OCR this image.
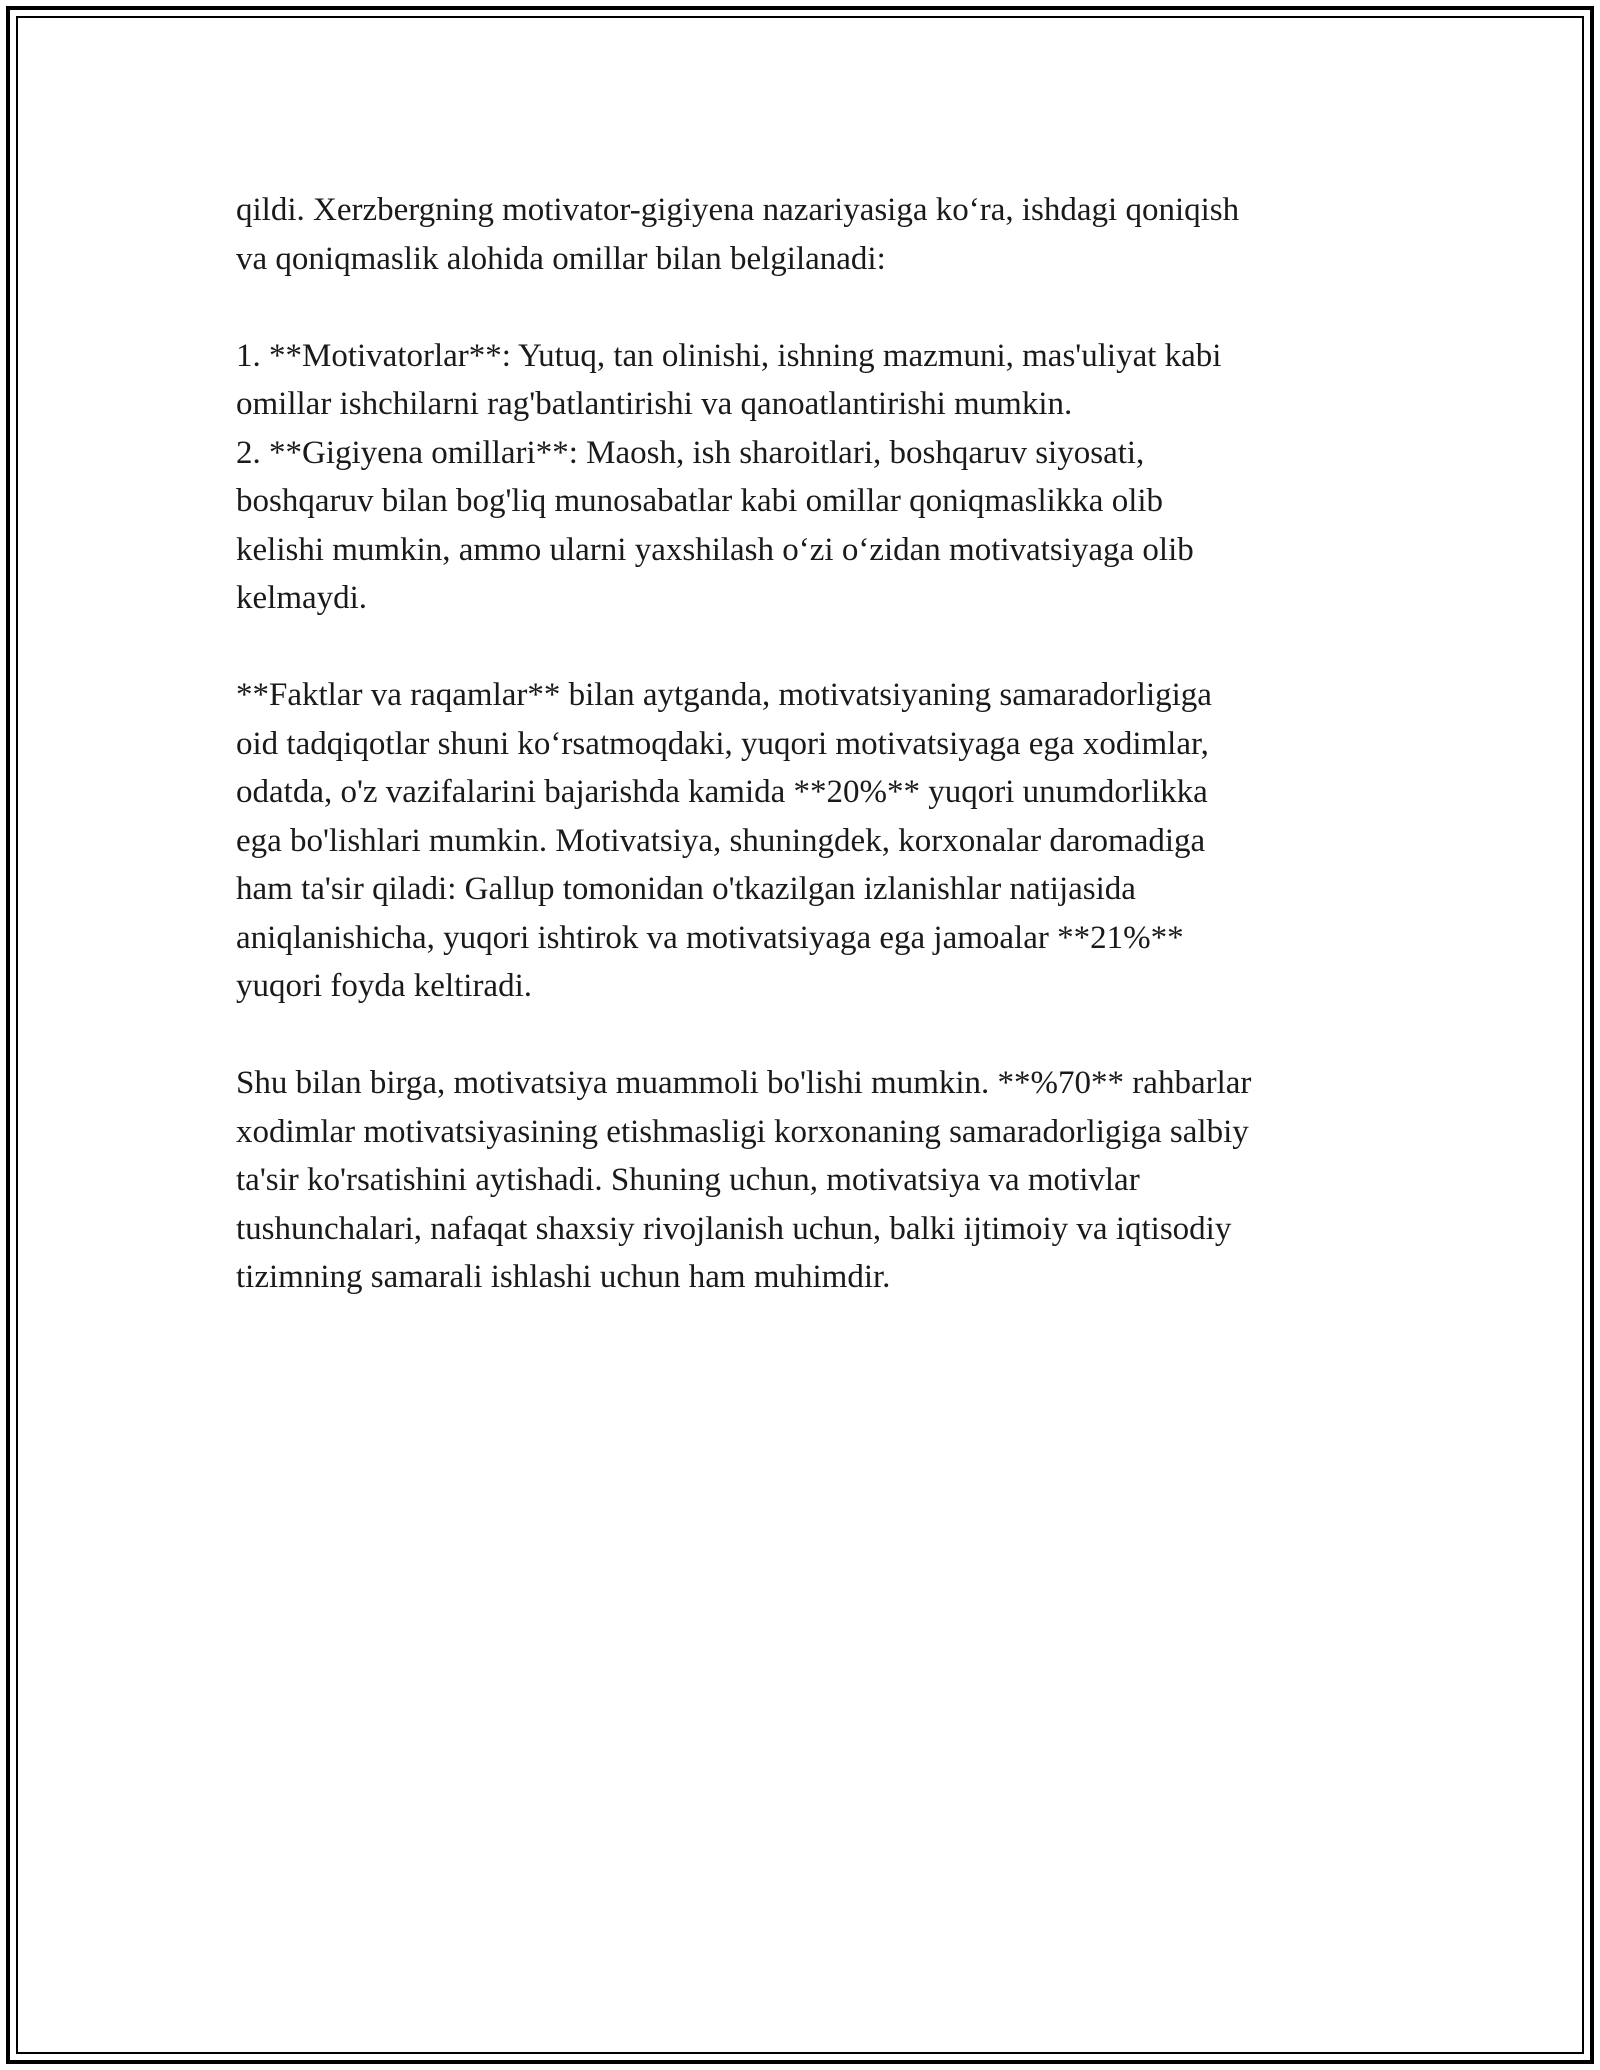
qildi. Xerzbergning motivator-gigiyena nazariyasiga ko‘ra, ishdagi qoniqish
va qoniqmaslik alohida omillar bilan belgilanadi:
1. **Motivatorlar**: Yutuq, tan olinishi, ishning mazmuni, mas'uliyat kabi
omillar ishchilarni rag'batlantirishi va qanoatlantirishi mumkin.
2. **Gigiyena omillari**: Maosh, ish sharoitlari, boshqaruv siyosati,
boshqaruv bilan bog'liq munosabatlar kabi omillar qoniqmaslikka olib
kelishi mumkin, ammo ularni yaxshilash o‘zi o‘zidan motivatsiyaga olib
kelmaydi.
**Faktlar va raqamlar** bilan aytganda, motivatsiyaning samaradorligiga
oid tadqiqotlar shuni ko‘rsatmoqdaki, yuqori motivatsiyaga ega xodimlar,
odatda, o'z vazifalarini bajarishda kamida **20%** yuqori unumdorlikka
ega bo'lishlari mumkin. Motivatsiya, shuningdek, korxonalar daromadiga
ham ta'sir qiladi: Gallup tomonidan o'tkazilgan izlanishlar natijasida
aniqlanishicha, yuqori ishtirok va motivatsiyaga ega jamoalar **21%**
yuqori foyda keltiradi.
Shu bilan birga, motivatsiya muammoli bo'lishi mumkin. **%70** rahbarlar
xodimlar motivatsiyasining etishmasligi korxonaning samaradorligiga salbiy
ta'sir ko'rsatishini aytishadi. Shuning uchun, motivatsiya va motivlar
tushunchalari, nafaqat shaxsiy rivojlanish uchun, balki ijtimoiy va iqtisodiy
tizimning samarali ishlashi uchun ham muhimdir.
